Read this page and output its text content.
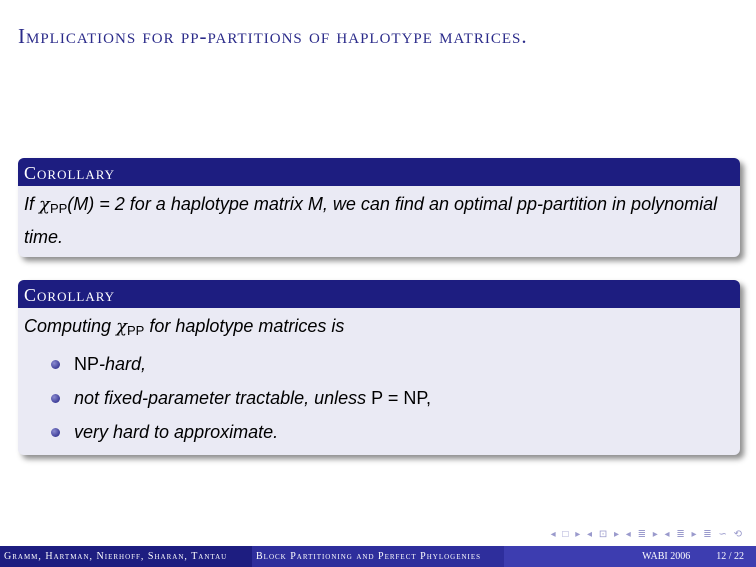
Implications for pp-partitions of haplotype matrices.
Corollary
If $\chi_{PP}(M) = 2$ for a haplotype matrix M, we can find an optimal pp-partition in polynomial time.
Corollary
Computing $\chi_{PP}$ for haplotype matrices is
NP-hard,
not fixed-parameter tractable, unless P = NP,
very hard to approximate.
◂ □ ▸ ◂ ⊡ ▸ ◂ ≣ ▸ ◂ ≣ ▸ ≣ ∽ ⟲
Gramm, Hartman, Nierhoff, Sharan, Tantau	Block Partitioning and Perfect Phylogenies	WABI 2006	12 / 22
